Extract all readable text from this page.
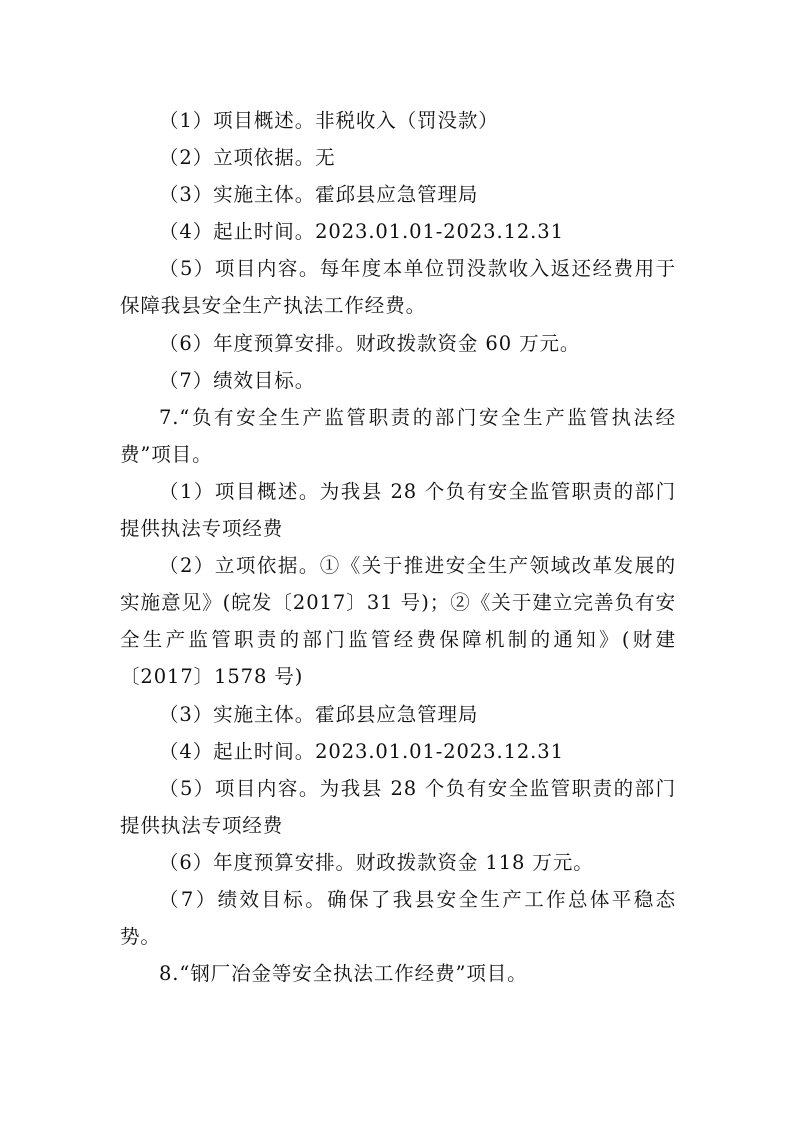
（1）项目概述。非税收入（罚没款）

（2）立项依据。无

（3）实施主体。霍邱县应急管理局

（4）起止时间。2023.01.01-2023.12.31

（5）项目内容。每年度本单位罚没款收入返还经费用于保障我县安全生产执法工作经费。

（6）年度预算安排。财政拨款资金 60 万元。

（7）绩效目标。

7.“负有安全生产监管职责的部门安全生产监管执法经费”项目。

（1）项目概述。为我县 28 个负有安全监管职责的部门提供执法专项经费

（2）立项依据。①《关于推进安全生产领域改革发展的实施意见》(皖发〔2017〕31 号)；②《关于建立完善负有安全生产监管职责的部门监管经费保障机制的通知》(财建〔2017〕1578 号)

（3）实施主体。霍邱县应急管理局

（4）起止时间。2023.01.01-2023.12.31

（5）项目内容。为我县 28 个负有安全监管职责的部门提供执法专项经费

（6）年度预算安排。财政拨款资金 118 万元。

（7）绩效目标。确保了我县安全生产工作总体平稳态势。

8.“钢厂冶金等安全执法工作经费”项目。
